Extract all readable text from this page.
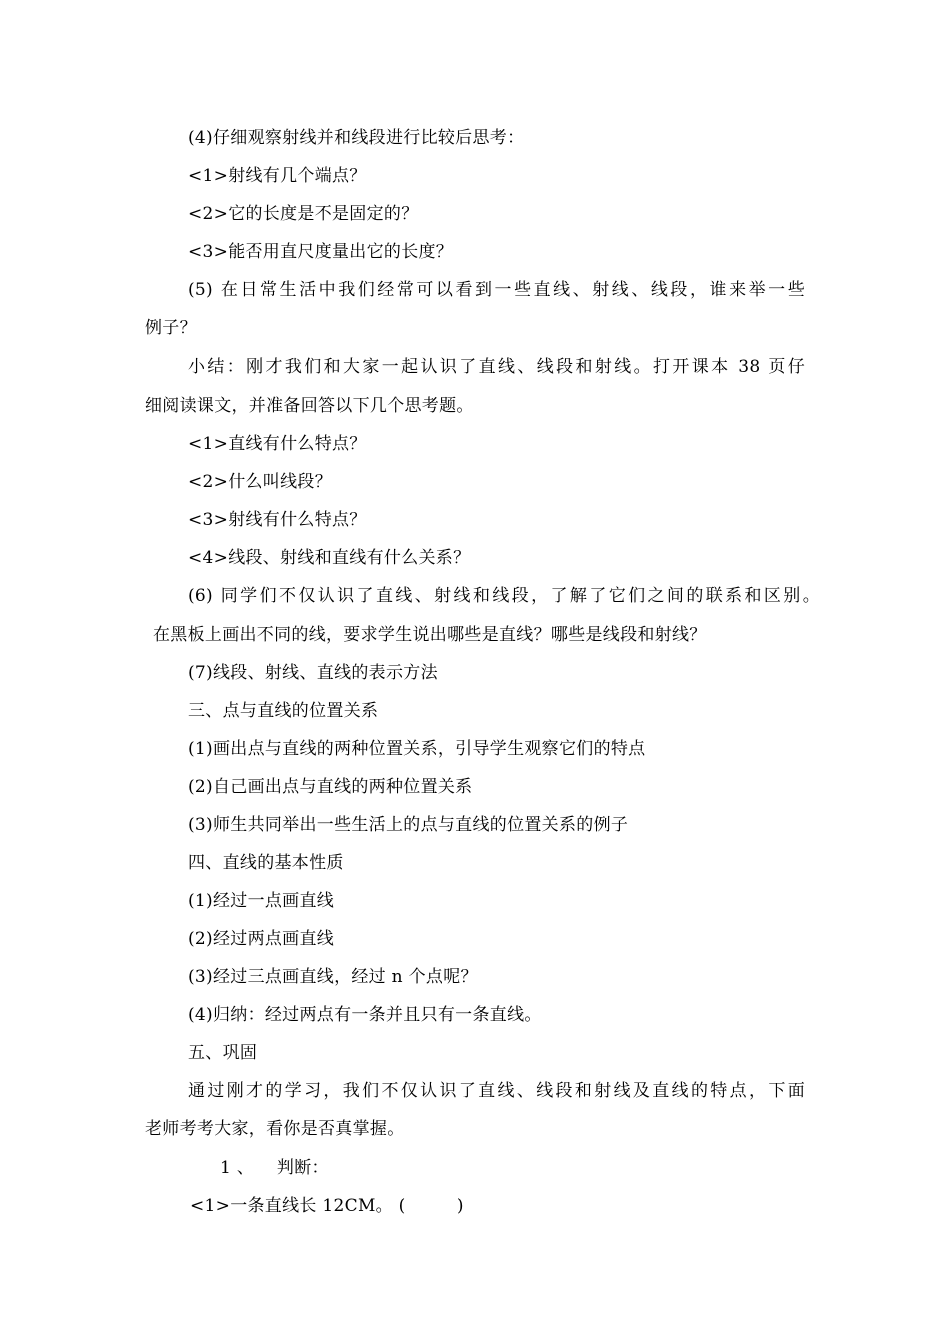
(4)仔细观察射线并和线段进行比较后思考：
<1>射线有几个端点？
<2>它的长度是不是固定的？
<3>能否用直尺度量出它的长度？
(5) 在日常生活中我们经常可以看到一些直线、射线、线段，谁来举一些
例子？
小结：刚才我们和大家一起认识了直线、线段和射线。打开课本 38 页仔
细阅读课文，并准备回答以下几个思考题。
<1>直线有什么特点？
<2>什么叫线段？
<3>射线有什么特点？
<4>线段、射线和直线有什么关系？
(6) 同学们不仅认识了直线、射线和线段，了解了它们之间的联系和区别。
在黑板上画出不同的线，要求学生说出哪些是直线？哪些是线段和射线？
(7)线段、射线、直线的表示方法
三、点与直线的位置关系
(1)画出点与直线的两种位置关系，引导学生观察它们的特点
(2)自己画出点与直线的两种位置关系
(3)师生共同举出一些生活上的点与直线的位置关系的例子
四、直线的基本性质
(1)经过一点画直线
(2)经过两点画直线
(3)经过三点画直线，经过 n 个点呢？
(4)归纳：经过两点有一条并且只有一条直线。
五、巩固
通过刚才的学习，我们不仅认识了直线、线段和射线及直线的特点，下面
老师考考大家，看你是否真掌握。
1 、    判断：
<1>一条直线长 12CM。 (         )
